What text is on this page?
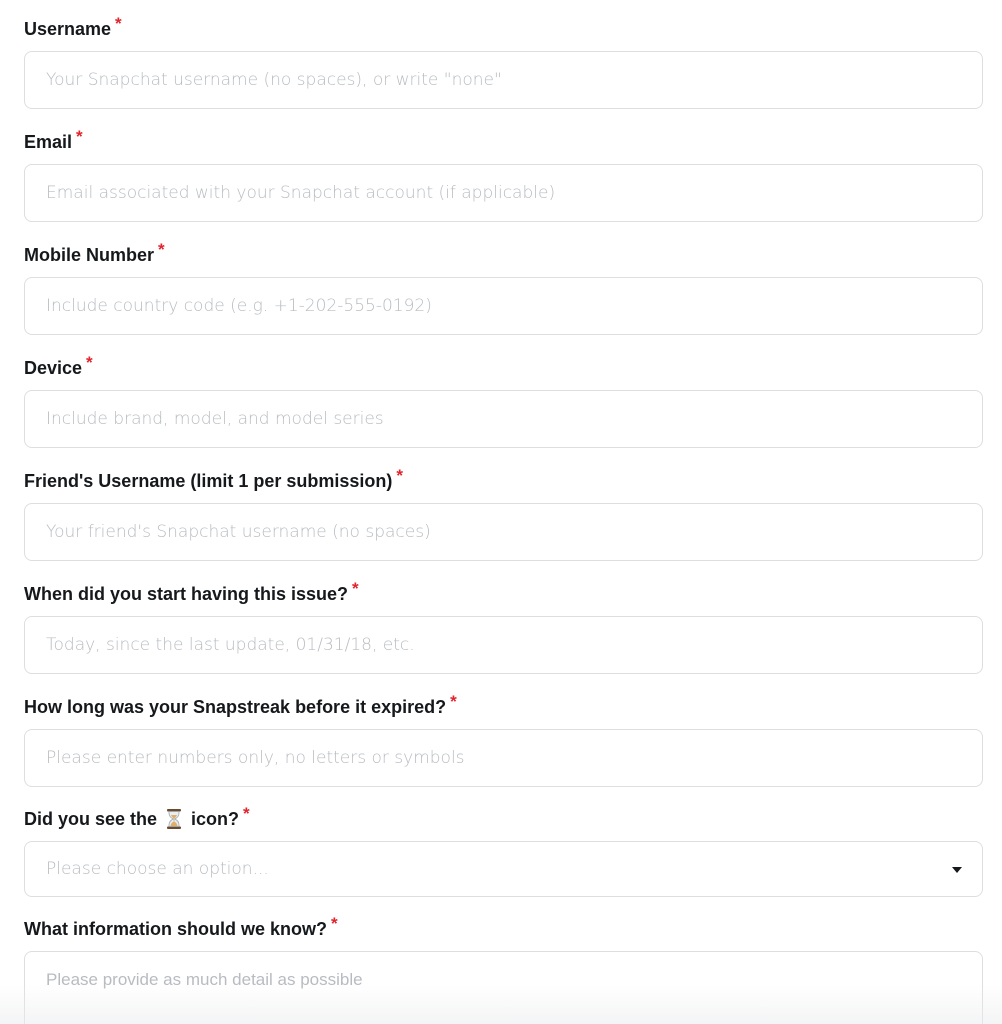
Username *
Your Snapchat username (no spaces), or write "none"
Email *
Email associated with your Snapchat account (if applicable)
Mobile Number *
Include country code (e.g. +1-202-555-0192)
Device *
Include brand, model, and model series
Friend's Username (limit 1 per submission) *
Your friend's Snapchat username (no spaces)
When did you start having this issue? *
Today, since the last update, 01/31/18, etc.
How long was your Snapstreak before it expired? *
Please enter numbers only, no letters or symbols
Did you see the icon? *
Please choose an option...
What information should we know? *
Please provide as much detail as possible
